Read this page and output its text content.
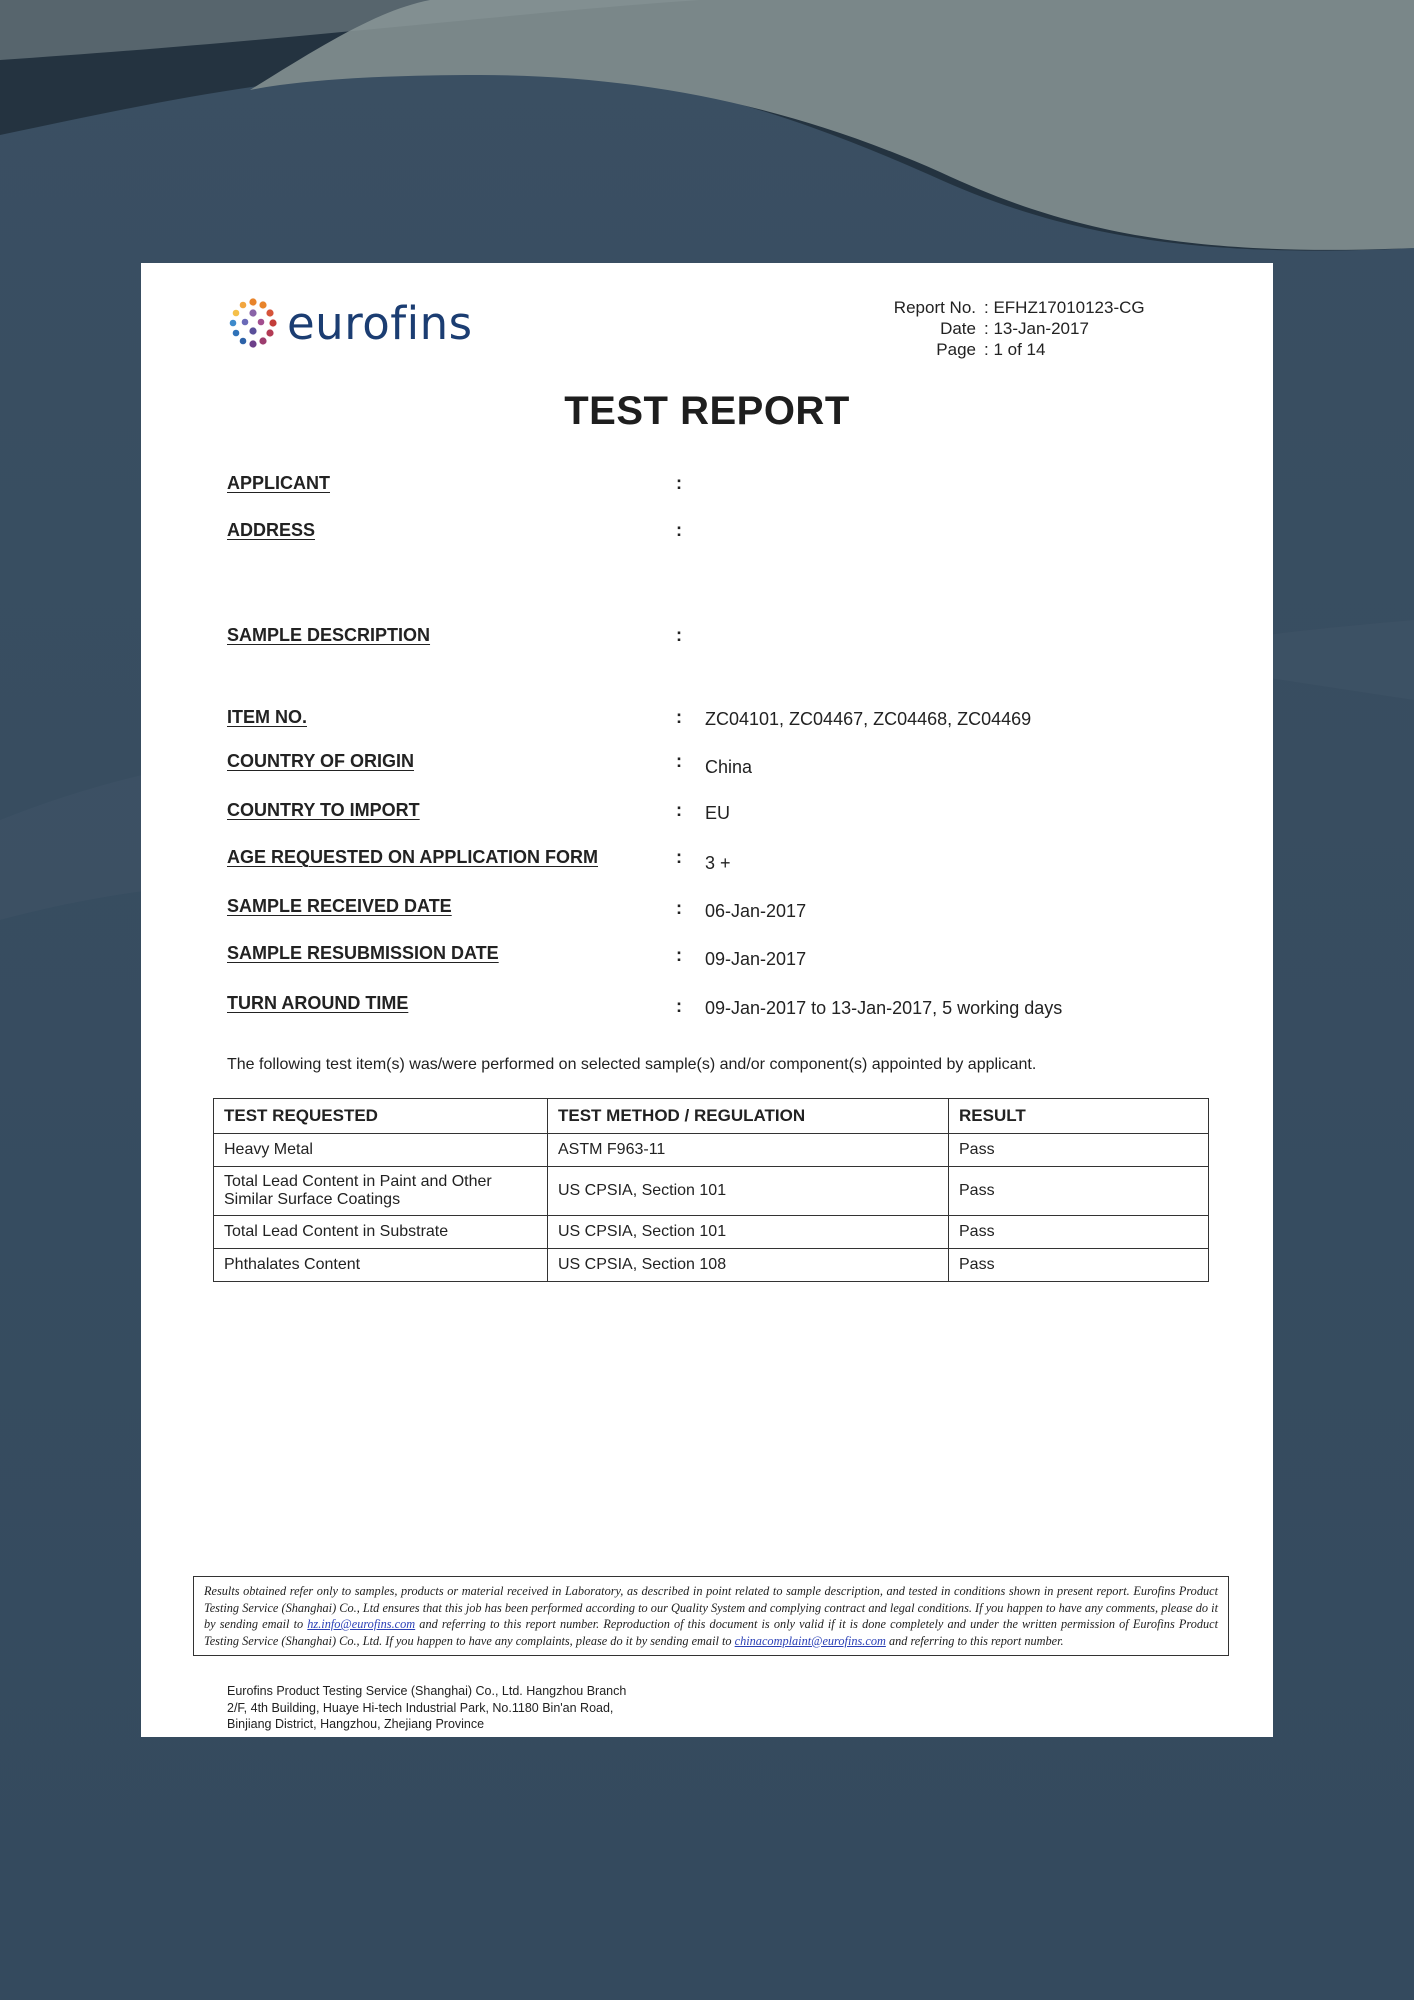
eurofins	Report No. : EFHZ17010123-CG
Date : 13-Jan-2017
Page : 1 of 14
TEST REPORT
APPLICANT	:
ADDRESS	:
SAMPLE DESCRIPTION	:
ITEM NO.	: ZC04101, ZC04467, ZC04468, ZC04469
COUNTRY OF ORIGIN	: China
COUNTRY TO IMPORT	: EU
AGE REQUESTED ON APPLICATION FORM	: 3 +
SAMPLE RECEIVED DATE	: 06-Jan-2017
SAMPLE RESUBMISSION DATE	: 09-Jan-2017
TURN AROUND TIME	: 09-Jan-2017 to 13-Jan-2017, 5 working days
The following test item(s) was/were performed on selected sample(s) and/or component(s) appointed by applicant.
TEST REQUESTED	TEST METHOD / REGULATION	RESULT
Heavy Metal	ASTM F963-11	Pass
Total Lead Content in Paint and Other Similar Surface Coatings	US CPSIA, Section 101	Pass
Total Lead Content in Substrate	US CPSIA, Section 101	Pass
Phthalates Content	US CPSIA, Section 108	Pass
Results obtained refer only to samples, products or material received in Laboratory, as described in point related to sample description, and tested in conditions shown in present report. Eurofins Product Testing Service (Shanghai) Co., Ltd ensures that this job has been performed according to our Quality System and complying contract and legal conditions. If you happen to have any comments, please do it by sending email to hz.info@eurofins.com and referring to this report number. Reproduction of this document is only valid if it is done completely and under the written permission of Eurofins Product Testing Service (Shanghai) Co., Ltd. If you happen to have any complaints, please do it by sending email to chinacomplaint@eurofins.com and referring to this report number.
Eurofins Product Testing Service (Shanghai) Co., Ltd. Hangzhou Branch
2/F, 4th Building, Huaye Hi-tech Industrial Park, No.1180 Bin'an Road,
Binjiang District, Hangzhou, Zhejiang Province
